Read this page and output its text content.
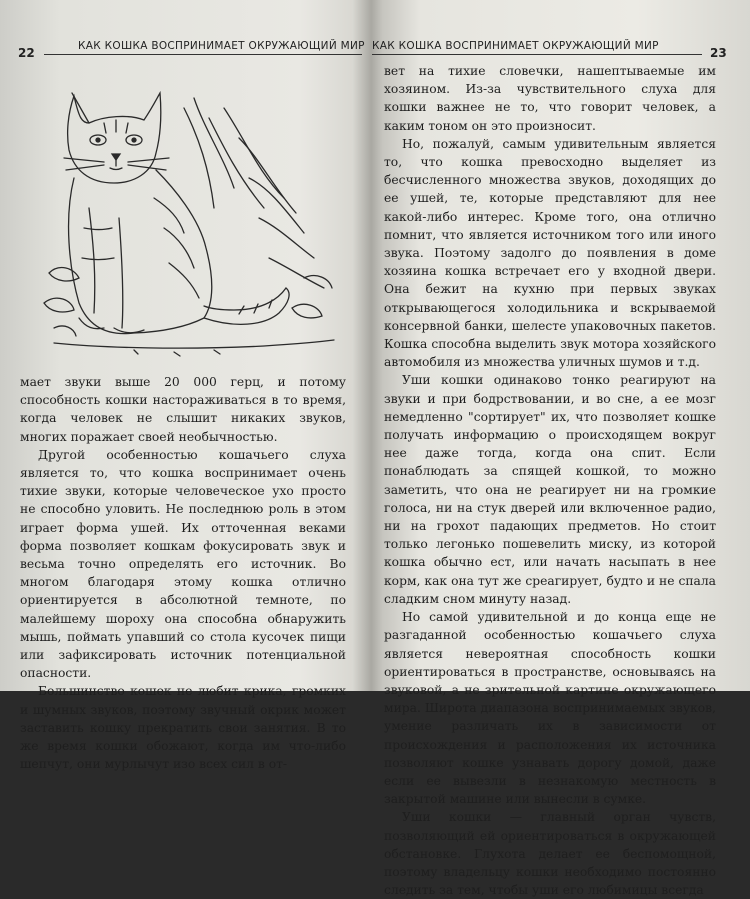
22	КАК КОШКА ВОСПРИНИМАЕТ ОКРУЖАЮЩИЙ МИР

мает звуки выше 20 000 герц, и потому способность кошки настораживаться в то время, когда человек не слышит никаких звуков, многих поражает своей необычностью.

Другой особенностью кошачьего слуха является то, что кошка воспринимает очень тихие звуки, которые человеческое ухо просто не способно уловить. Не последнюю роль в этом играет форма ушей. Их отточенная веками форма позволяет кошкам фокусировать звук и весьма точно определять его источник. Во многом благодаря этому кошка отлично ориентируется в абсолютной темноте, по малейшему шороху она способна обнаружить мышь, поймать упавший со стола кусочек пищи или зафиксировать источник потенциальной опасности.

Большинство кошек не любит крика, громких и шумных звуков, поэтому звучный окрик может заставить кошку прекратить свои занятия. В то же время кошки обожают, когда им что-либо шепчут, они мурлычут изо всех сил в от-

КАК КОШКА ВОСПРИНИМАЕТ ОКРУЖАЮЩИЙ МИР	23

вет на тихие словечки, нашептываемые им хозяином. Из-за чувствительного слуха для кошки важнее не то, что говорит человек, а каким тоном он это произносит.

Но, пожалуй, самым удивительным является то, что кошка превосходно выделяет из бесчисленного множества звуков, доходящих до ее ушей, те, которые представляют для нее какой-либо интерес. Кроме того, она отлично помнит, что является источником того или иного звука. Поэтому задолго до появления в доме хозяина кошка встречает его у входной двери. Она бежит на кухню при первых звуках открывающегося холодильника и вскрываемой консервной банки, шелесте упаковочных пакетов. Кошка способна выделить звук мотора хозяйского автомобиля из множества уличных шумов и т.д.

Уши кошки одинаково тонко реагируют на звуки и при бодрствовании, и во сне, а ее мозг немедленно "сортирует" их, что позволяет кошке получать информацию о происходящем вокруг нее даже тогда, когда она спит. Если понаблюдать за спящей кошкой, то можно заметить, что она не реагирует ни на громкие голоса, ни на стук дверей или включенное радио, ни на грохот падающих предметов. Но стоит только легонько пошевелить миску, из которой кошка обычно ест, или начать насыпать в нее корм, как она тут же среагирует, будто и не спала сладким сном минуту назад.

Но самой удивительной и до конца еще не разгаданной особенностью кошачьего слуха является невероятная способность кошки ориентироваться в пространстве, основываясь на звуковой, а не зрительной картине окружающего мира. Широта диапазона воспринимаемых звуков, умение различать их в зависимости от происхождения и расположения их источника позволяют кошке узнавать дорогу домой, даже если ее вывезли в незнакомую местность в закрытой машине или вынесли в сумке.

Уши кошки — главный орган чувств, позволяющий ей ориентироваться в окружающей обстановке. Глухота делает ее беспомощной, поэтому владельцу кошки необходимо постоянно следить за тем, чтобы уши его любимицы всегда
